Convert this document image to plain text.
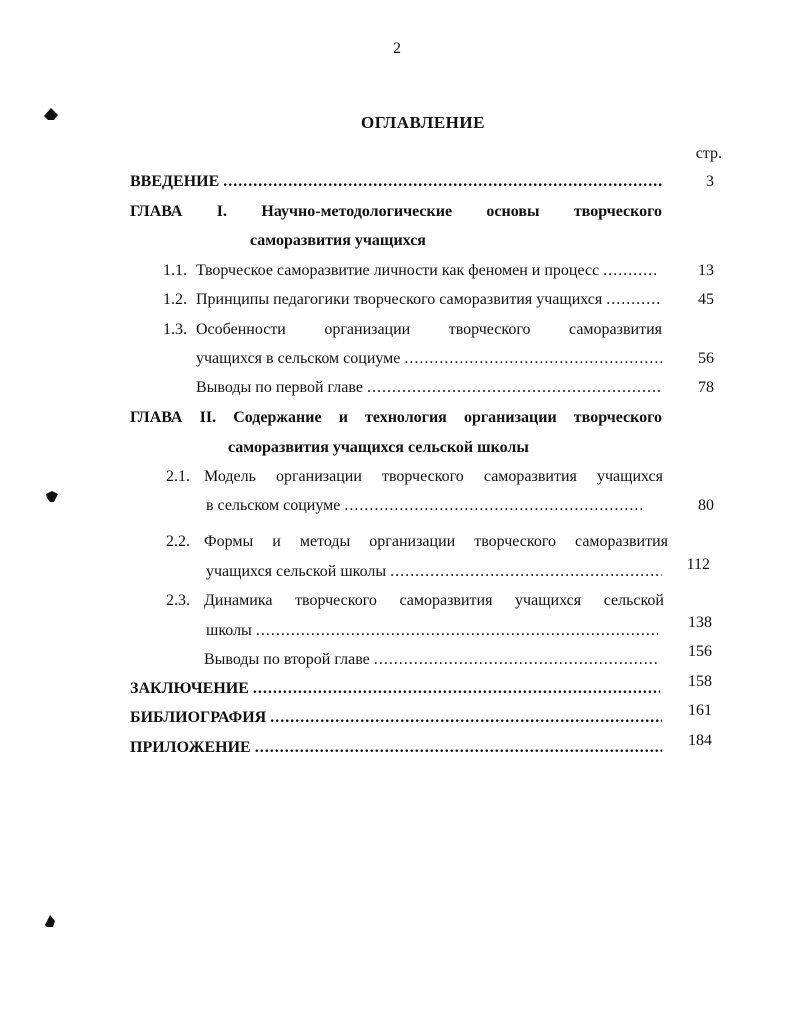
2
ОГЛАВЛЕНИЕ
стр.
ВВЕДЕНИЕ .....	3
ГЛАВА I. Научно-методологические основы творческого
саморазвития учащихся
1.1. Творческое саморазвитие личности как феномен и процесс .....	13
1.2. Принципы педагогики творческого саморазвития учащихся .....	45
1.3. Особенности организации творческого саморазвития
учащихся в сельском социуме .....	56
Выводы по первой главе .....	78
ГЛАВА II. Содержание и технология организации творческого
саморазвития учащихся сельской школы
2.1. Модель организации творческого саморазвития учащихся
в сельском социуме .....	80
2.2. Формы и методы организации творческого саморазвития
учащихся сельской школы .....	112
2.3. Динамика творческого саморазвития учащихся сельской
школы .....	138
Выводы по второй главе .....	156
ЗАКЛЮЧЕНИЕ .....	158
БИБЛИОГРАФИЯ .....	161
ПРИЛОЖЕНИЕ .....	184
